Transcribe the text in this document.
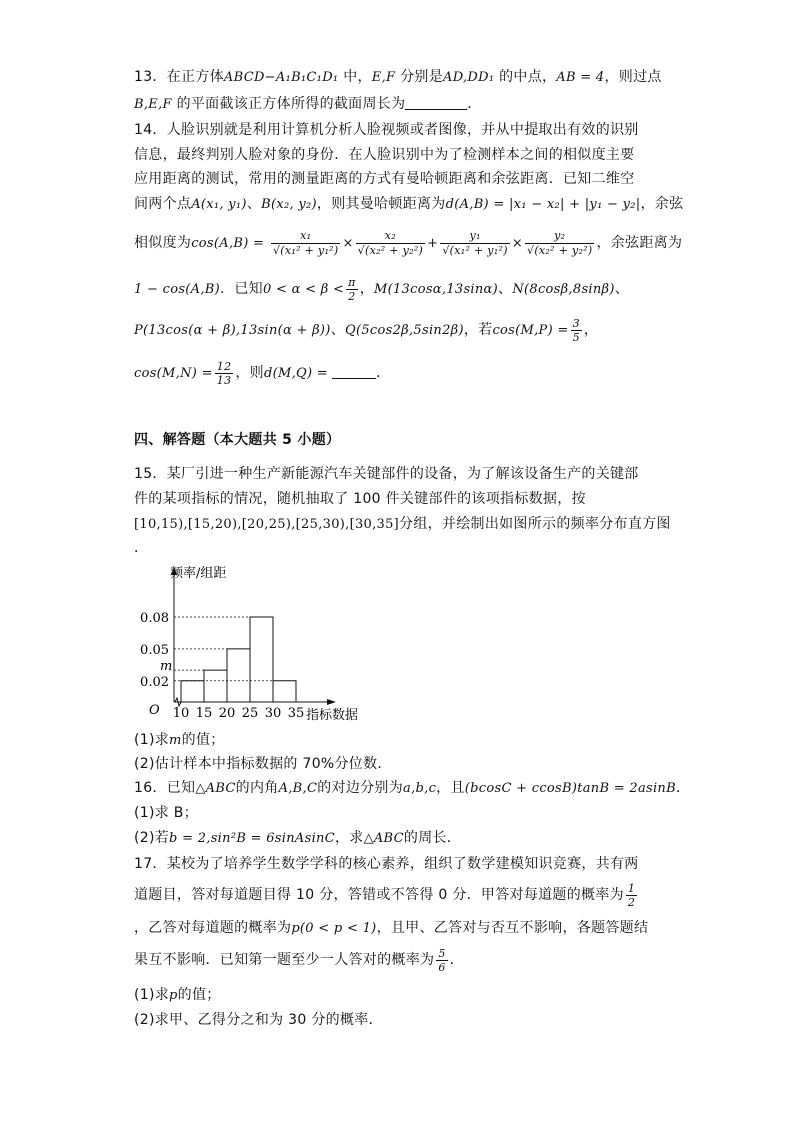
13．在正方体ABCD−A₁B₁C₁D₁ 中，E,F 分别是AD,DD₁ 的中点，AB = 4，则过点
B,E,F 的平面截该正方体所得的截面周长为	．
14．人脸识别就是利用计算机分析人脸视频或者图像，并从中提取出有效的识别
信息，最终判别人脸对象的身份．在人脸识别中为了检测样本之间的相似度主要
应用距离的测试，常用的测量距离的方式有曼哈顿距离和余弦距离．已知二维空
间两个点A(x₁, y₁)、B(x₂, y₂)，则其曼哈顿距离为d(A,B) = |x₁ − x₂| + |y₁ − y₂|，余弦
相似度为$\cos(A,B) = \frac{\text{x₁}}{\text{√(x₁² + y₁²)}} \times \frac{\text{x₂}}{\text{√(x₂² + y₂²)}} + \frac{\text{y₁}}{\text{√(x₁² + y₁²)}} \times \frac{\text{y₂}}{\text{√(x₂² + y₂²)}}$ ，余弦距离为
1 − cos(A,B)．已知$0 < \alpha < \beta < \frac{\pi}{2}$ ，M(13cosα,13sinα)、N(8cosβ,8sinβ)、
P(13cos(α + β),13sin(α + β))、Q(5cos2β,5sin2β)，若$\cos(M,P) = \frac{3}{5}$ ，
$\cos(M,N) = \frac{12}{13}$ ，则d(M,Q) =	．
四、解答题（本大题共 5 小题）
15．某厂引进一种生产新能源汽车关键部件的设备，为了解该设备生产的关键部
件的某项指标的情况，随机抽取了 100 件关键部件的该项指标数据，按
[10,15),[15,20),[20,25),[25,30),[30,35]分组，并绘制出如图所示的频率分布直方图
．
10 15 20 25 30 35
0.02
m
0.05
0.08
频率/组距
指标数据
O
(1)求m的值；
(2)估计样本中指标数据的 70%分位数．
16．已知△ABC的内角A,B,C的对边分别为a,b,c，且(bcosC + ccosB)tanB = 2asinB．
(1)求 B；
(2)若b = 2,sin²B = 6sinAsinC，求△ABC的周长．
17．某校为了培养学生数学学科的核心素养，组织了数学建模知识竞赛，共有两
道题目，答对每道题目得 10 分，答错或不答得 0 分．甲答对每道题的概率为 $\frac{1}{2}$
，乙答对每道题的概率为p(0 < p < 1)，且甲、乙答对与否互不影响，各题答题结
果互不影响．已知第一题至少一人答对的概率为 $\frac{5}{6}$ ．
(1)求p的值；
(2)求甲、乙得分之和为 30 分的概率．
